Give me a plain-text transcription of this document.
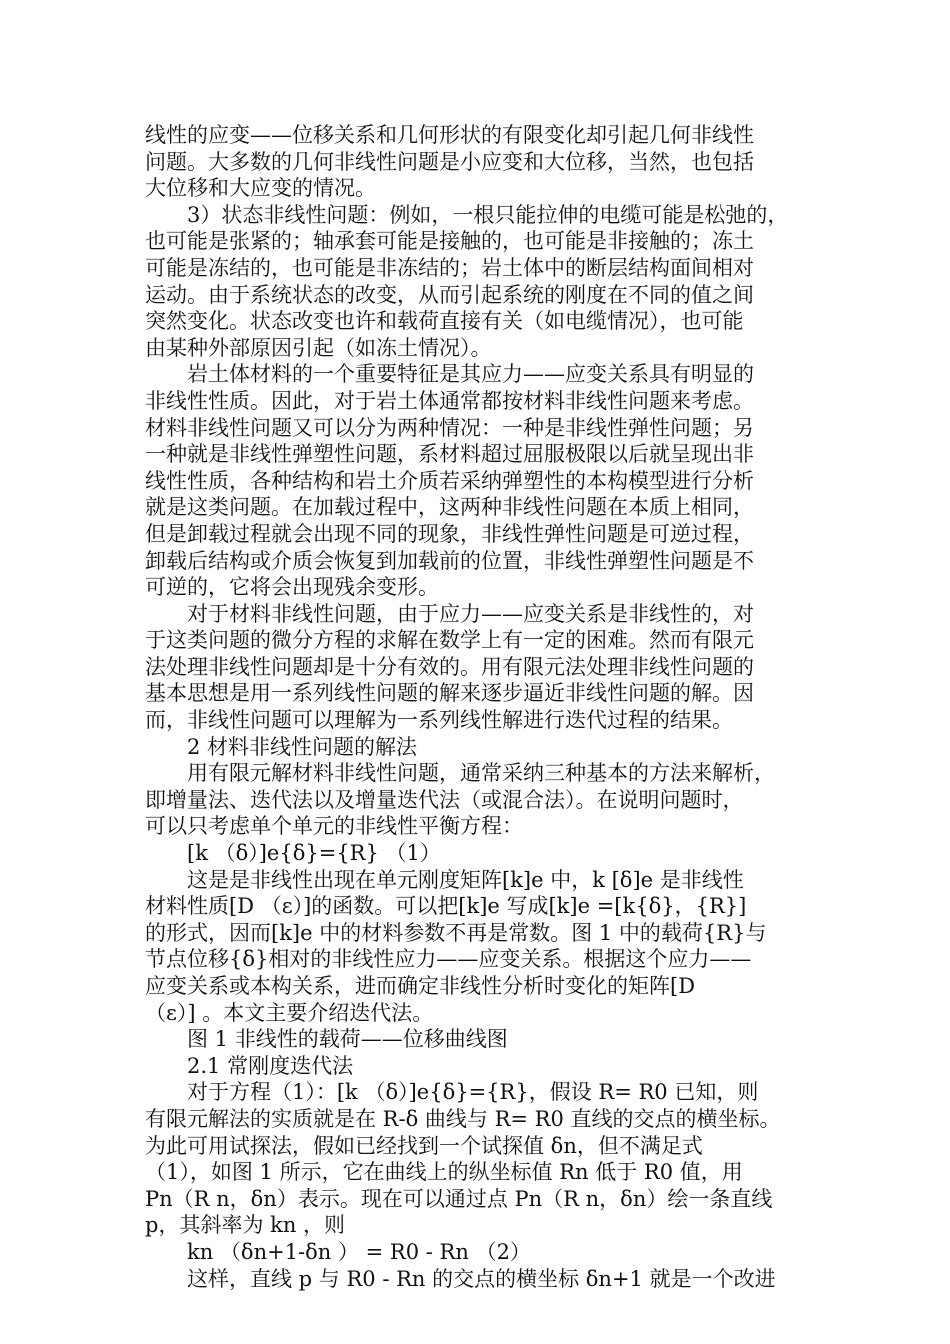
线性的应变——位移关系和几何形状的有限变化却引起几何非线性
问题。大多数的几何非线性问题是小应变和大位移，当然，也包括
大位移和大应变的情况。
3）状态非线性问题：例如，一根只能拉伸的电缆可能是松弛的，
也可能是张紧的；轴承套可能是接触的，也可能是非接触的；冻土
可能是冻结的，也可能是非冻结的；岩土体中的断层结构面间相对
运动。由于系统状态的改变，从而引起系统的刚度在不同的值之间
突然变化。状态改变也许和载荷直接有关（如电缆情况），也可能
由某种外部原因引起（如冻土情况）。
岩土体材料的一个重要特征是其应力——应变关系具有明显的
非线性性质。因此，对于岩土体通常都按材料非线性问题来考虑。
材料非线性问题又可以分为两种情况：一种是非线性弹性问题；另
一种就是非线性弹塑性问题，系材料超过屈服极限以后就呈现出非
线性性质，各种结构和岩土介质若采纳弹塑性的本构模型进行分析
就是这类问题。在加载过程中，这两种非线性问题在本质上相同，
但是卸载过程就会出现不同的现象，非线性弹性问题是可逆过程，
卸载后结构或介质会恢复到加载前的位置，非线性弹塑性问题是不
可逆的，它将会出现残余变形。
对于材料非线性问题，由于应力——应变关系是非线性的，对
于这类问题的微分方程的求解在数学上有一定的困难。然而有限元
法处理非线性问题却是十分有效的。用有限元法处理非线性问题的
基本思想是用一系列线性问题的解来逐步逼近非线性问题的解。因
而，非线性问题可以理解为一系列线性解进行迭代过程的结果。
2 材料非线性问题的解法
用有限元解材料非线性问题，通常采纳三种基本的方法来解析，
即增量法、迭代法以及增量迭代法（或混合法）。在说明问题时，
可以只考虑单个单元的非线性平衡方程：
[k （δ）]e{δ}={R} （1）
这是是非线性出现在单元刚度矩阵[k]e 中，k [δ]e 是非线性
材料性质[D （ε）]的函数。可以把[k]e 写成[k]e =[k{δ}，{R}]
的形式，因而[k]e 中的材料参数不再是常数。图 1 中的载荷{R}与
节点位移{δ}相对的非线性应力——应变关系。根据这个应力——
应变关系或本构关系，进而确定非线性分析时变化的矩阵[D
（ε）] 。本文主要介绍迭代法。
图 1 非线性的载荷——位移曲线图
2.1 常刚度迭代法
对于方程（1）：[k （δ）]e{δ}={R}，假设 R= R0 已知，则
有限元解法的实质就是在 R-δ 曲线与 R= R0 直线的交点的横坐标。
为此可用试探法，假如已经找到一个试探值 δn，但不满足式
（1），如图 1 所示，它在曲线上的纵坐标值 Rn 低于 R0 值，用
Pn（R n，δn）表示。现在可以通过点 Pn（R n，δn）绘一条直线
p，其斜率为 kn ，则
kn （δn+1-δn ） = R0 - Rn （2）
这样，直线 p 与 R0 - Rn 的交点的横坐标 δn+1 就是一个改进
